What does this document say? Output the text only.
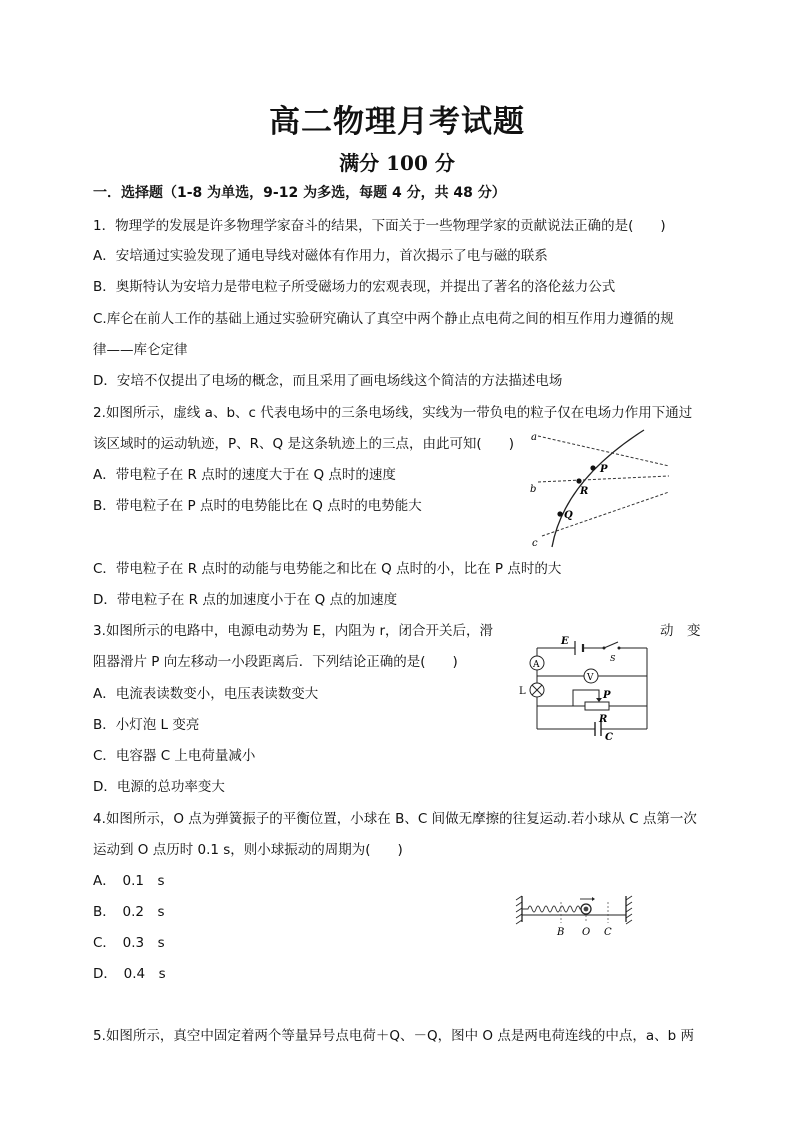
高二物理月考试题
满分 100 分
一．选择题（1-8 为单选，9-12 为多选，每题 4 分，共 48 分）
1．物理学的发展是许多物理学家奋斗的结果，下面关于一些物理学家的贡献说法正确的是(　　)
A．安培通过实验发现了通电导线对磁体有作用力，首次揭示了电与磁的联系
B．奥斯特认为安培力是带电粒子所受磁场力的宏观表现，并提出了著名的洛伦兹力公式
C.库仑在前人工作的基础上通过实验研究确认了真空中两个静止点电荷之间的相互作用力遵循的规
律——库仑定律
D．安培不仅提出了电场的概念，而且采用了画电场线这个简洁的方法描述电场
2.如图所示，虚线 a、b、c 代表电场中的三条电场线，实线为一带负电的粒子仅在电场力作用下通过
该区域时的运动轨迹，P、R、Q 是这条轨迹上的三点，由此可知(　　)
A．带电粒子在 R 点时的速度大于在 Q 点时的速度
B．带电粒子在 P 点时的电势能比在 Q 点时的电势能大
a
b
c
P
R
Q
C．带电粒子在 R 点时的动能与电势能之和比在 Q 点时的小，比在 P 点时的大
D．带电粒子在 R 点的加速度小于在 Q 点的加速度
3.如图所示的电路中，电源电动势为 E，内阻为 r，闭合开关后，滑	动　变
阻器滑片 P 向左移动一小段距离后．下列结论正确的是(　　)
A．电流表读数变小，电压表读数变大
B．小灯泡 L 变亮
C．电容器 C 上电荷量减小
D．电源的总功率变大
E
S
A
V
L	P
R
C
4.如图所示，O 点为弹簧振子的平衡位置，小球在 B、C 间做无摩擦的往复运动.若小球从 C 点第一次
运动到 O 点历时 0.1 s，则小球振动的周期为(　　)
A．　0.1　s
B．　0.2　s
C．　0.3　s
D．　0.4　s
B O C
5.如图所示，真空中固定着两个等量异号点电荷＋Q、－Q，图中 O 点是两电荷连线的中点，a、b 两
